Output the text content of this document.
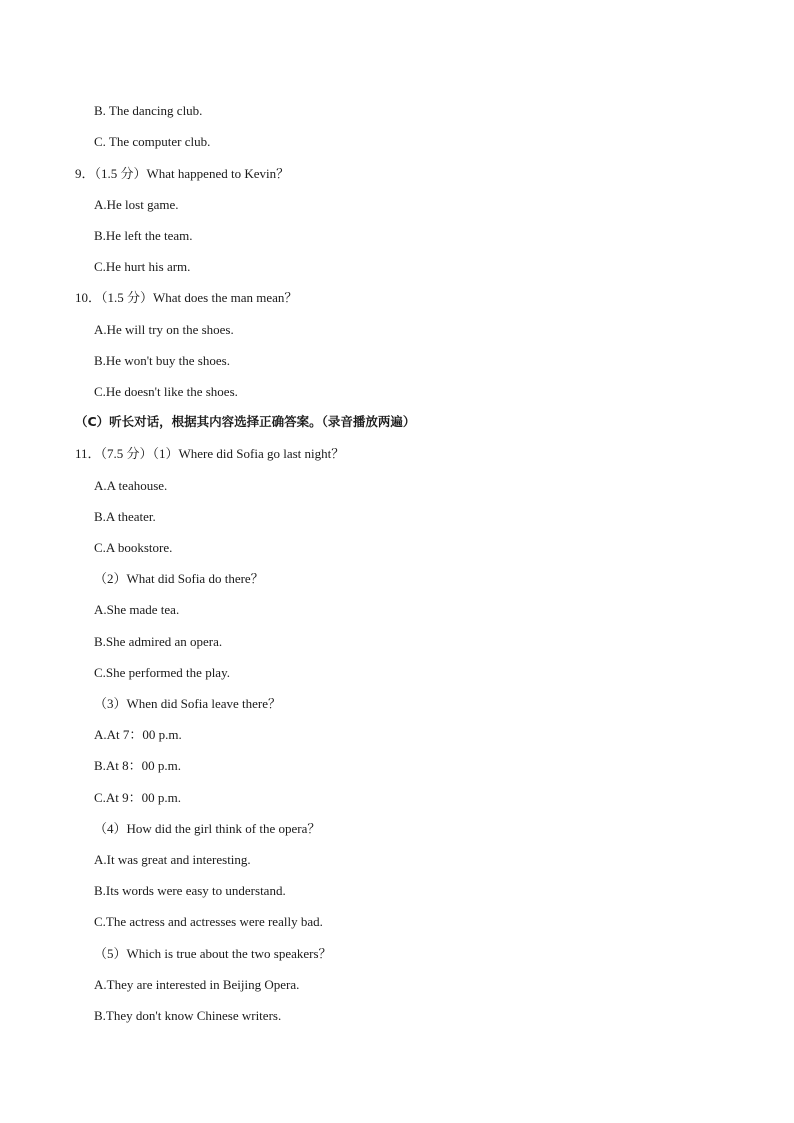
B. The dancing club.
C. The computer club.
9．（1.5 分）What happened to Kevin？
A.He lost game.
B.He left the team.
C.He hurt his arm.
10．（1.5 分）What does the man mean？
A.He will try on the shoes.
B.He won't buy the shoes.
C.He doesn't like the shoes.
（C）听长对话，根据其内容选择正确答案。（录音播放两遍）
11．（7.5 分）（1）Where did Sofia go last night？
A.A teahouse.
B.A theater.
C.A bookstore.
（2）What did Sofia do there？
A.She made tea.
B.She admired an opera.
C.She performed the play.
（3）When did Sofia leave there？
A.At 7：00 p.m.
B.At 8：00 p.m.
C.At 9：00 p.m.
（4）How did the girl think of the opera？
A.It was great and interesting.
B.Its words were easy to understand.
C.The actress and actresses were really bad.
（5）Which is true about the two speakers？
A.They are interested in Beijing Opera.
B.They don't know Chinese writers.
